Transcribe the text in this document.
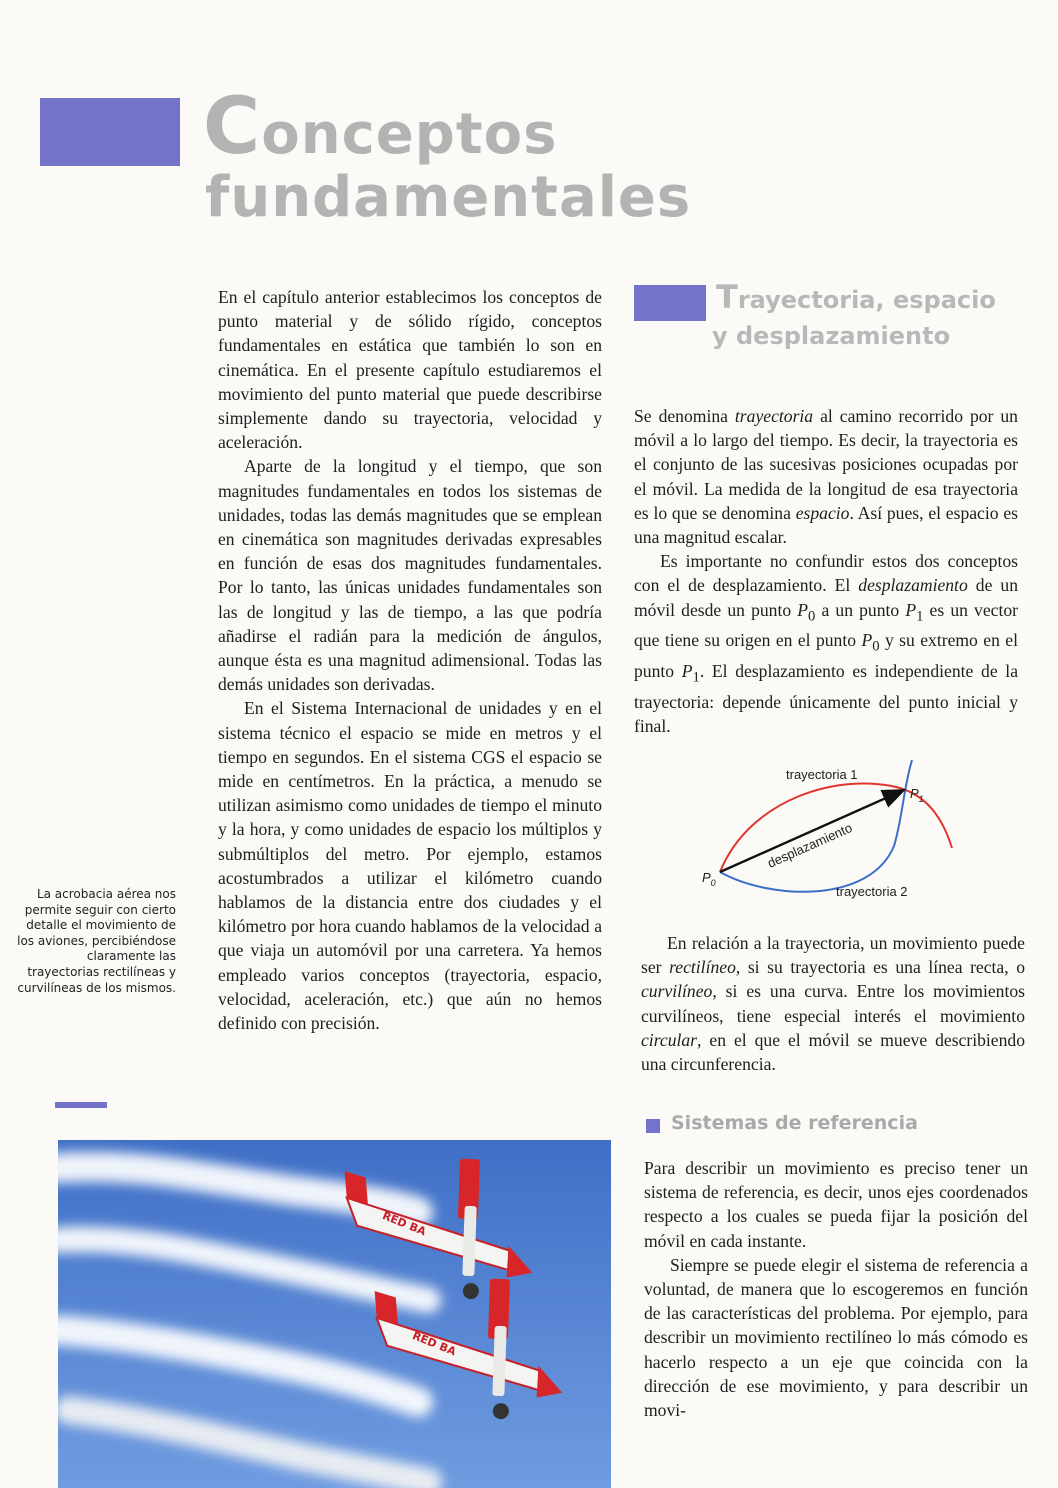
Conceptos
fundamentales

En el capítulo anterior establecimos los conceptos de punto material y de sólido rígido, conceptos fundamentales en estática que también lo son en cinemática. En el presente capítulo estudiaremos el movimiento del punto material que puede describirse simplemente dando su trayectoria, velocidad y aceleración.

Aparte de la longitud y el tiempo, que son magnitudes fundamentales en todos los sistemas de unidades, todas las demás magnitudes que se emplean en cinemática son magnitudes derivadas expresables en función de esas dos magnitudes fundamentales. Por lo tanto, las únicas unidades fundamentales son las de longitud y las de tiempo, a las que podría añadirse el radián para la medición de ángulos, aunque ésta es una magnitud adimensional. Todas las demás unidades son derivadas.

En el Sistema Internacional de unidades y en el sistema técnico el espacio se mide en metros y el tiempo en segundos. En el sistema CGS el espacio se mide en centímetros. En la práctica, a menudo se utilizan asimismo como unidades de tiempo el minuto y la hora, y como unidades de espacio los múltiplos y submúltiplos del metro. Por ejemplo, estamos acostumbrados a utilizar el kilómetro cuando hablamos de la distancia entre dos ciudades y el kilómetro por hora cuando hablamos de la velocidad a que viaja un automóvil por una carretera. Ya hemos empleado varios conceptos (trayectoria, espacio, velocidad, aceleración, etc.) que aún no hemos definido con precisión.

La acrobacia aérea nos permite seguir con cierto detalle el movimiento de los aviones, percibiéndose claramente las trayectorias rectilíneas y curvilíneas de los mismos.
RED BA
RED BA
Trayectoria, espacio
y desplazamiento

Se denomina trayectoria al camino recorrido por un móvil a lo largo del tiempo. Es decir, la trayectoria es el conjunto de las sucesivas posiciones ocupadas por el móvil. La medida de la longitud de esa trayectoria es lo que se denomina espacio. Así pues, el espacio es una magnitud escalar.

Es importante no confundir estos dos conceptos con el de desplazamiento. El desplazamiento de un móvil desde un punto $P_0$ a un punto $P_1$ es un vector que tiene su origen en el punto $P_0$ y su extremo en el punto $P_1$. El desplazamiento es independiente de la trayectoria: depende únicamente del punto inicial y final.

trayectoria 1
trayectoria 2
desplazamiento
$P_0$
$P_1$

En relación a la trayectoria, un movimiento puede ser rectilíneo, si su trayectoria es una línea recta, o curvilíneo, si es una curva. Entre los movimientos curvilíneos, tiene especial interés el movimiento circular, en el que el móvil se mueve describiendo una circunferencia.

Sistemas de referencia

Para describir un movimiento es preciso tener un sistema de referencia, es decir, unos ejes coordenados respecto a los cuales se pueda fijar la posición del móvil en cada instante.

Siempre se puede elegir el sistema de referencia a voluntad, de manera que lo escogeremos en función de las características del problema. Por ejemplo, para describir un movimiento rectilíneo lo más cómodo es hacerlo respecto a un eje que coincida con la dirección de ese movimiento, y para describir un movi-
